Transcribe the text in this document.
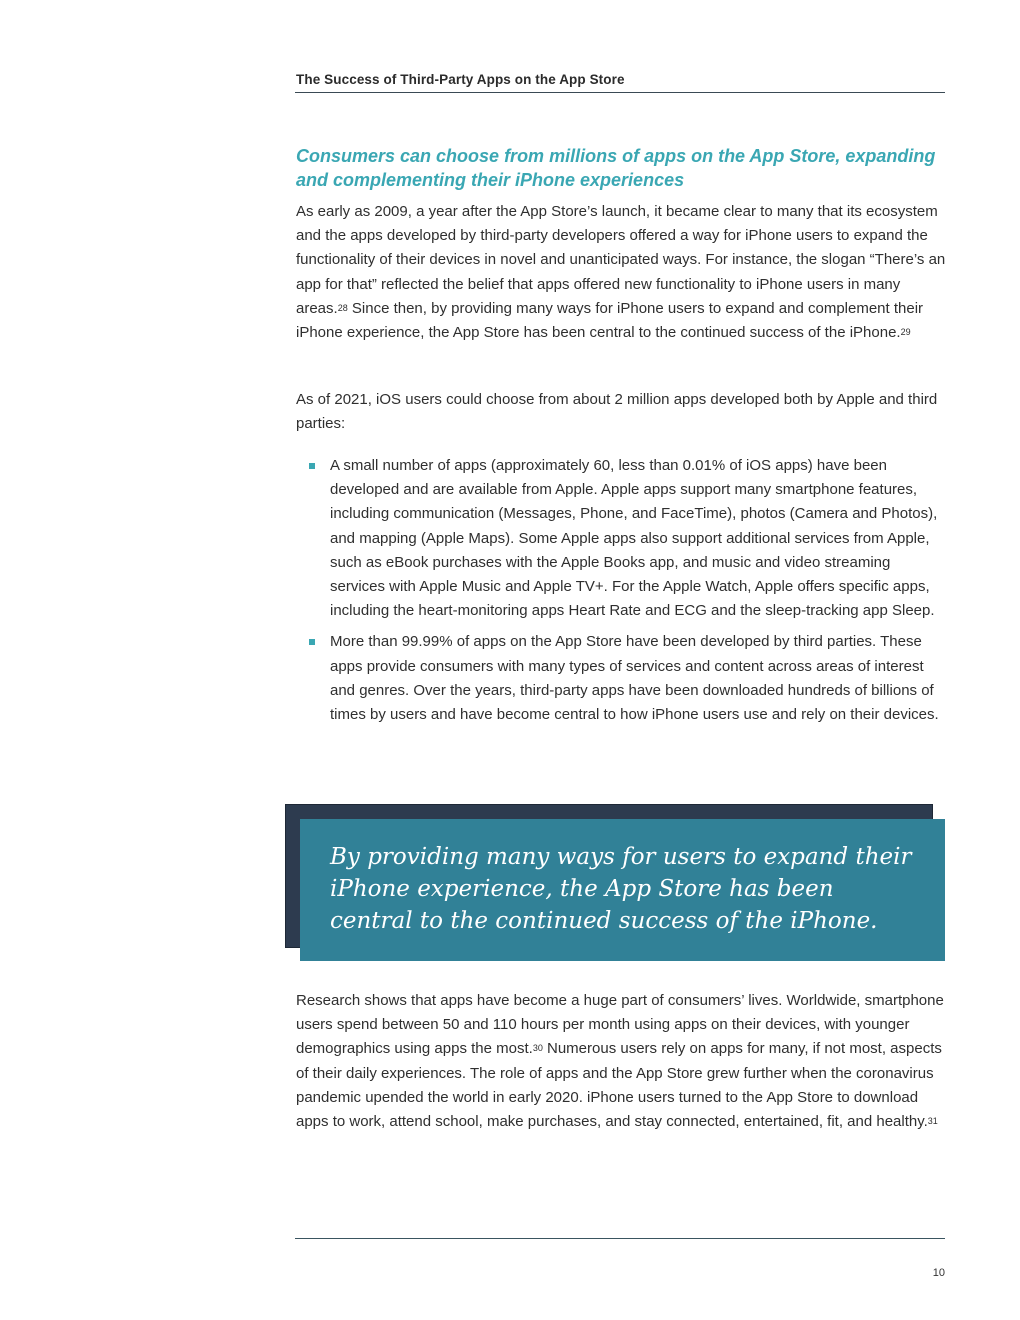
The Success of Third-Party Apps on the App Store
Consumers can choose from millions of apps on the App Store, expanding and complementing their iPhone experiences

As early as 2009, a year after the App Store’s launch, it became clear to many that its ecosystem and the apps developed by third-party developers offered a way for iPhone users to expand the functionality of their devices in novel and unanticipated ways. For instance, the slogan “There’s an app for that” reflected the belief that apps offered new functionality to iPhone users in many areas.$^{28}$ Since then, by providing many ways for iPhone users to expand and complement their iPhone experience, the App Store has been central to the continued success of the iPhone.$^{29}$

As of 2021, iOS users could choose from about 2 million apps developed both by Apple and third parties:

A small number of apps (approximately 60, less than 0.01% of iOS apps) have been developed and are available from Apple. Apple apps support many smartphone features, including communication (Messages, Phone, and FaceTime), photos (Camera and Photos), and mapping (Apple Maps). Some Apple apps also support additional services from Apple, such as eBook purchases with the Apple Books app, and music and video streaming services with Apple Music and Apple TV+. For the Apple Watch, Apple offers specific apps, including the heart-monitoring apps Heart Rate and ECG and the sleep-tracking app Sleep.
More than 99.99% of apps on the App Store have been developed by third parties. These apps provide consumers with many types of services and content across areas of interest and genres. Over the years, third-party apps have been downloaded hundreds of billions of times by users and have become central to how iPhone users use and rely on their devices.

By providing many ways for users to expand their iPhone experience, the App Store has been central to the continued success of the iPhone.

Research shows that apps have become a huge part of consumers’ lives. Worldwide, smartphone users spend between 50 and 110 hours per month using apps on their devices, with younger demographics using apps the most.$^{30}$ Numerous users rely on apps for many, if not most, aspects of their daily experiences. The role of apps and the App Store grew further when the coronavirus pandemic upended the world in early 2020. iPhone users turned to the App Store to download apps to work, attend school, make purchases, and stay connected, entertained, fit, and healthy.$^{31}$

10
